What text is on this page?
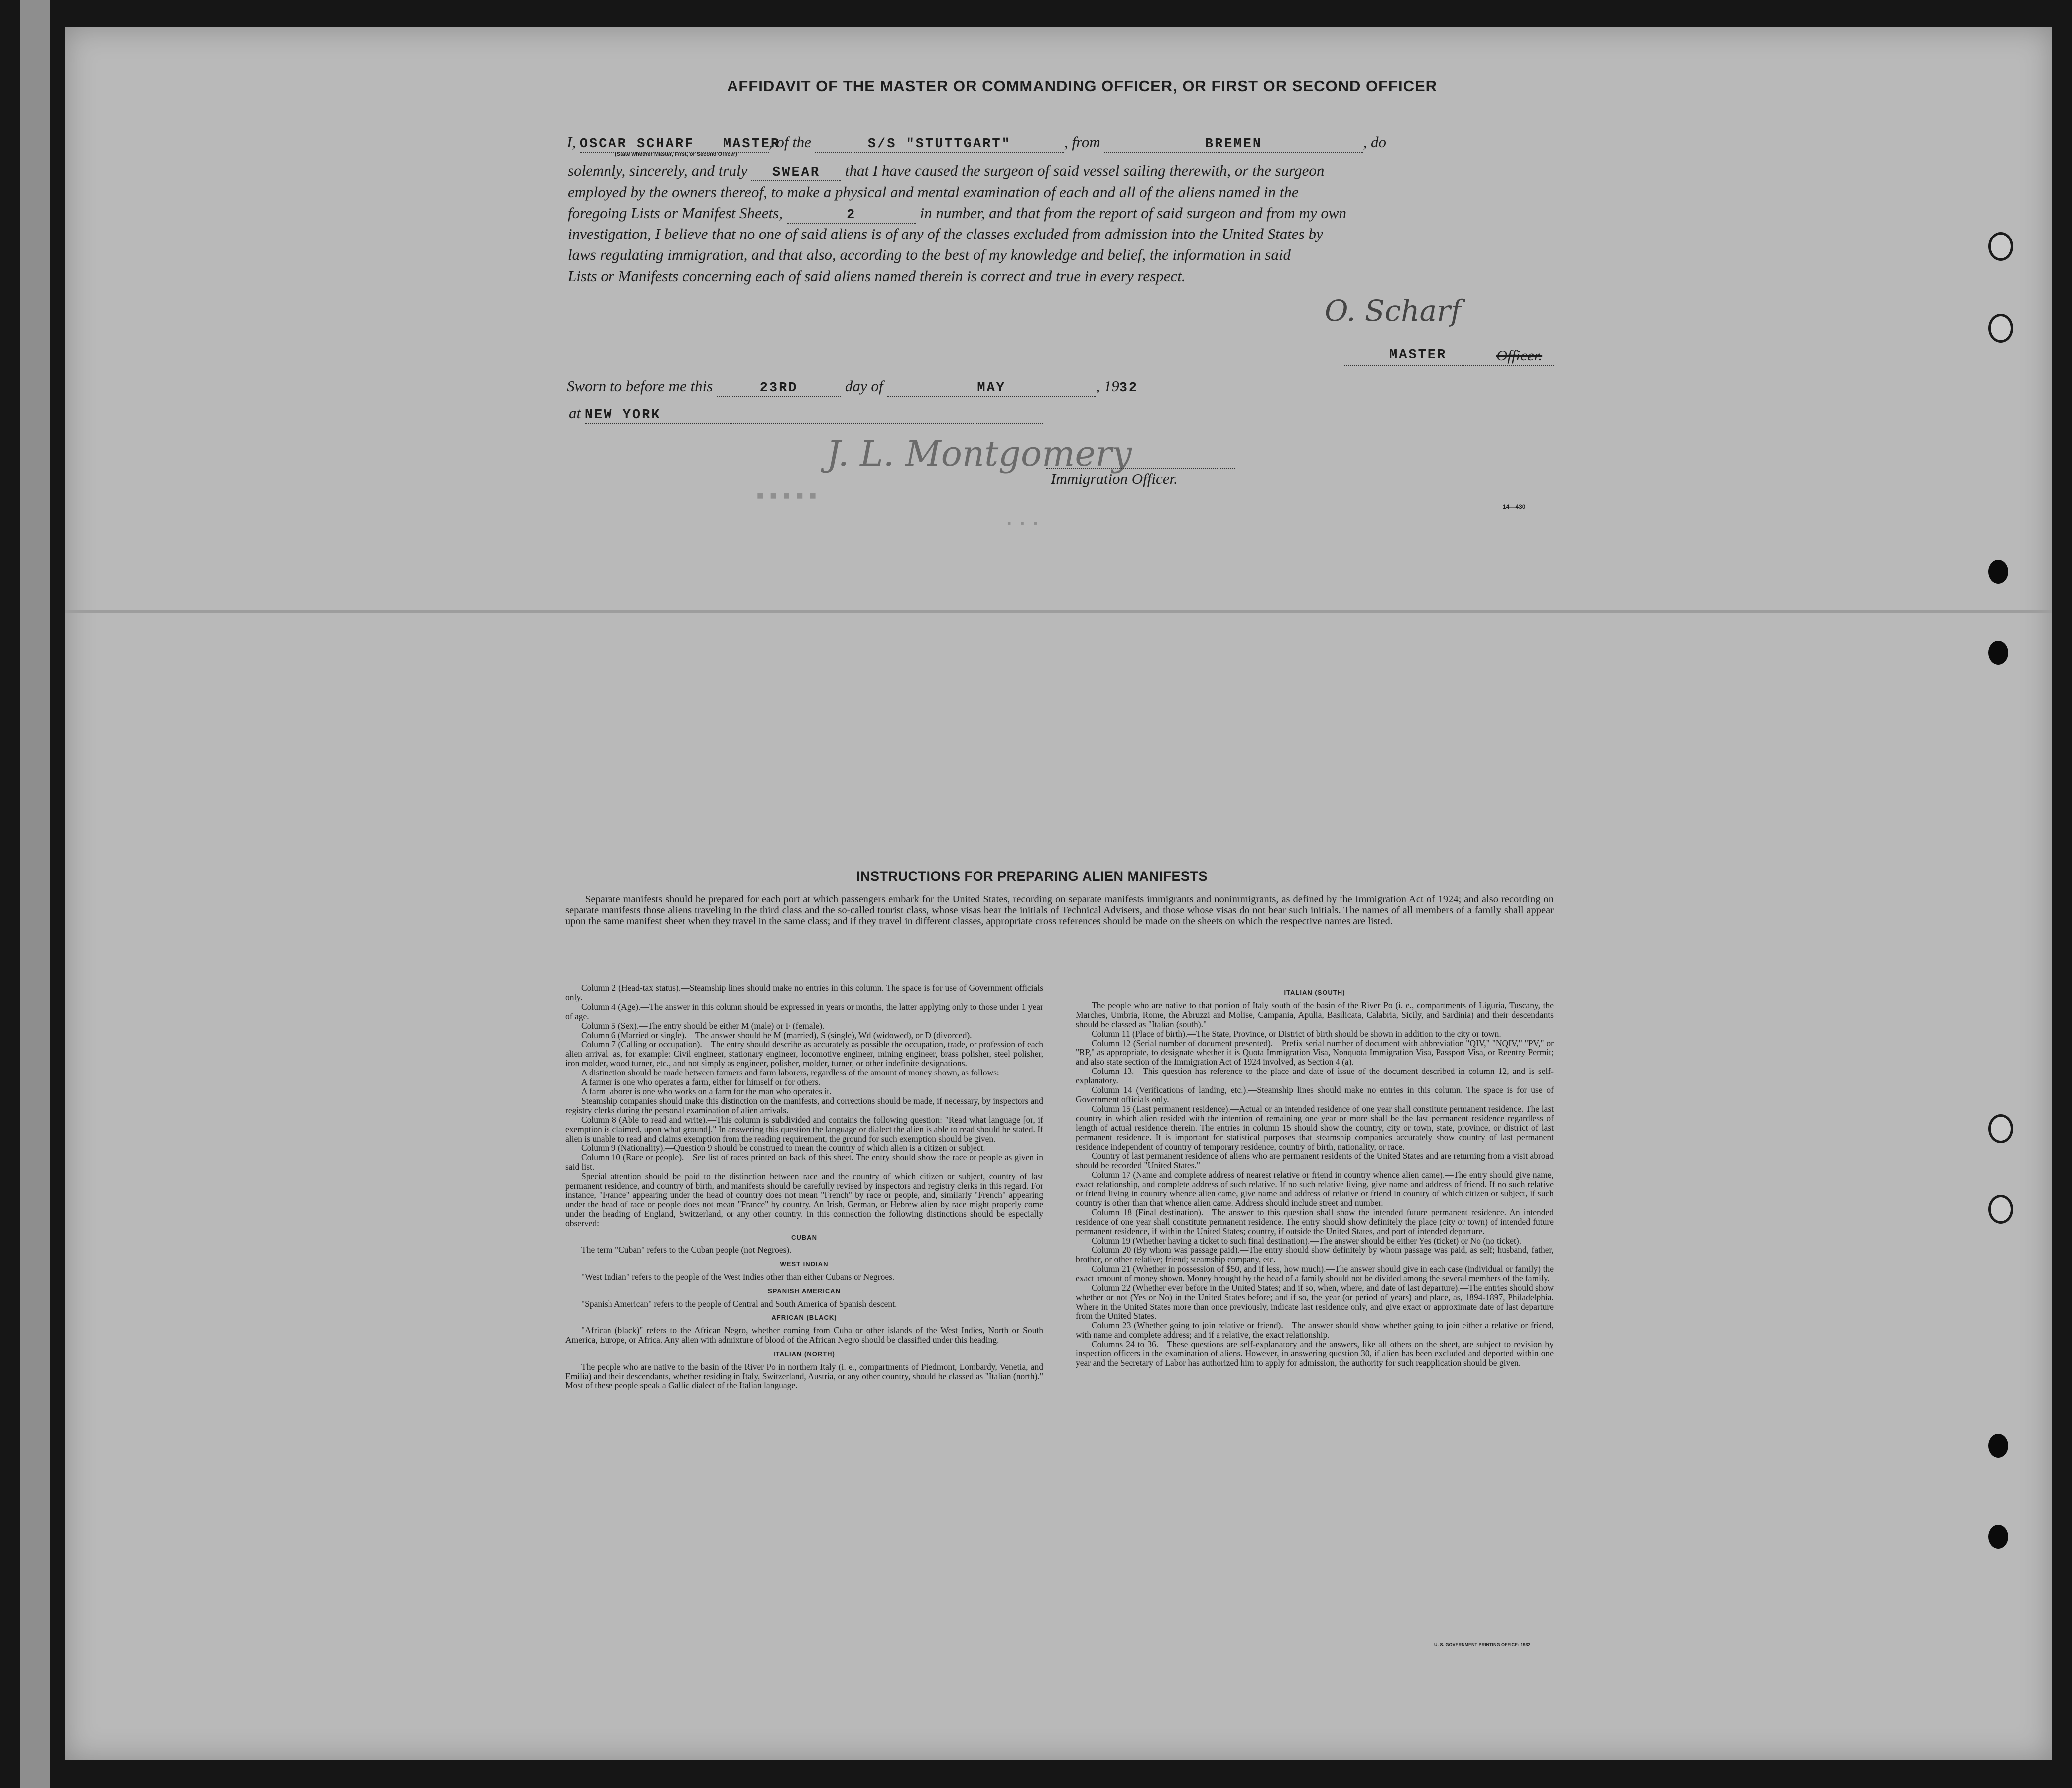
AFFIDAVIT OF THE MASTER OR COMMANDING OFFICER, OR FIRST OR SECOND OFFICER
I, OSCAR SCHARF MASTER, of the	S/S "STUTTGART"	, from	BREMEN	, do
(State whether Master, First, or Second Officer)
solemnly, sincerely, and truly SWEAR that I have caused the surgeon of said vessel sailing therewith, or the surgeon
employed by the owners thereof, to make a physical and mental examination of each and all of the aliens named in the
foregoing Lists or Manifest Sheets,	2	in number, and that from the report of said surgeon and from my own
investigation, I believe that no one of said aliens is of any of the classes excluded from admission into the United States by
laws regulating immigration, and that also, according to the best of my knowledge and belief, the information in said
Lists or Manifests concerning each of said aliens named therein is correct and true in every respect.
O. Scharf
MASTER	Officer.
Sworn to before me this	23RD	day of	MAY	, 1932
at NEW YORK
J. L. Montgomery
■ ■ ■ ■ ■
▪ ▪ ▪
Immigration Officer.
14—430
INSTRUCTIONS FOR PREPARING ALIEN MANIFESTS
Separate manifests should be prepared for each port at which passengers embark for the United States, recording on separate manifests immigrants and nonimmigrants, as defined by the Immigration Act of 1924; and also recording on separate manifests those aliens traveling in the third class and the so-called tourist class, whose visas bear the initials of Technical Advisers, and those whose visas do not bear such initials. The names of all members of a family shall appear upon the same manifest sheet when they travel in the same class; and if they travel in different classes, appropriate cross references should be made on the sheets on which the respective names are listed.

Column 2 (Head-tax status).—Steamship lines should make no entries in this column. The space is for use of Government officials only.

Column 4 (Age).—The answer in this column should be expressed in years or months, the latter applying only to those under 1 year of age.

Column 5 (Sex).—The entry should be either M (male) or F (female).

Column 6 (Married or single).—The answer should be M (married), S (single), Wd (widowed), or D (divorced).

Column 7 (Calling or occupation).—The entry should describe as accurately as possible the occupation, trade, or profession of each alien arrival, as, for example: Civil engineer, stationary engineer, locomotive engineer, mining engineer, brass polisher, steel polisher, iron molder, wood turner, etc., and not simply as engineer, polisher, molder, turner, or other indefinite designations.

A distinction should be made between farmers and farm laborers, regardless of the amount of money shown, as follows:

A farmer is one who operates a farm, either for himself or for others.

A farm laborer is one who works on a farm for the man who operates it.

Steamship companies should make this distinction on the manifests, and corrections should be made, if necessary, by inspectors and registry clerks during the personal examination of alien arrivals.

Column 8 (Able to read and write).—This column is subdivided and contains the following question: "Read what language [or, if exemption is claimed, upon what ground]." In answering this question the language or dialect the alien is able to read should be stated. If alien is unable to read and claims exemption from the reading requirement, the ground for such exemption should be given.

Column 9 (Nationality).—Question 9 should be construed to mean the country of which alien is a citizen or subject.

Column 10 (Race or people).—See list of races printed on back of this sheet. The entry should show the race or people as given in said list.

Special attention should be paid to the distinction between race and the country of which citizen or subject, country of last permanent residence, and country of birth, and manifests should be carefully revised by inspectors and registry clerks in this regard. For instance, "France" appearing under the head of country does not mean "French" by race or people, and, similarly "French" appearing under the head of race or people does not mean "France" by country. An Irish, German, or Hebrew alien by race might properly come under the heading of England, Switzerland, or any other country. In this connection the following distinctions should be especially observed:

CUBAN

The term "Cuban" refers to the Cuban people (not Negroes).

WEST INDIAN

"West Indian" refers to the people of the West Indies other than either Cubans or Negroes.

SPANISH AMERICAN

"Spanish American" refers to the people of Central and South America of Spanish descent.

AFRICAN (BLACK)

"African (black)" refers to the African Negro, whether coming from Cuba or other islands of the West Indies, North or South America, Europe, or Africa. Any alien with admixture of blood of the African Negro should be classified under this heading.

ITALIAN (NORTH)

The people who are native to the basin of the River Po in northern Italy (i. e., compartments of Piedmont, Lombardy, Venetia, and Emilia) and their descendants, whether residing in Italy, Switzerland, Austria, or any other country, should be classed as "Italian (north)." Most of these people speak a Gallic dialect of the Italian language.

ITALIAN (SOUTH)

The people who are native to that portion of Italy south of the basin of the River Po (i. e., compartments of Liguria, Tuscany, the Marches, Umbria, Rome, the Abruzzi and Molise, Campania, Apulia, Basilicata, Calabria, Sicily, and Sardinia) and their descendants should be classed as "Italian (south)."

Column 11 (Place of birth).—The State, Province, or District of birth should be shown in addition to the city or town.

Column 12 (Serial number of document presented).—Prefix serial number of document with abbreviation "QIV," "NQIV," "PV," or "RP," as appropriate, to designate whether it is Quota Immigration Visa, Nonquota Immigration Visa, Passport Visa, or Reentry Permit; and also state section of the Immigration Act of 1924 involved, as Section 4 (a).

Column 13.—This question has reference to the place and date of issue of the document described in column 12, and is self-explanatory.

Column 14 (Verifications of landing, etc.).—Steamship lines should make no entries in this column. The space is for use of Government officials only.

Column 15 (Last permanent residence).—Actual or an intended residence of one year shall constitute permanent residence. The last country in which alien resided with the intention of remaining one year or more shall be the last permanent residence regardless of length of actual residence therein. The entries in column 15 should show the country, city or town, state, province, or district of last permanent residence. It is important for statistical purposes that steamship companies accurately show country of last permanent residence independent of country of temporary residence, country of birth, nationality, or race.

Country of last permanent residence of aliens who are permanent residents of the United States and are returning from a visit abroad should be recorded "United States."

Column 17 (Name and complete address of nearest relative or friend in country whence alien came).—The entry should give name, exact relationship, and complete address of such relative. If no such relative living, give name and address of friend. If no such relative or friend living in country whence alien came, give name and address of relative or friend in country of which citizen or subject, if such country is other than that whence alien came. Address should include street and number.

Column 18 (Final destination).—The answer to this question shall show the intended future permanent residence. An intended residence of one year shall constitute permanent residence. The entry should show definitely the place (city or town) of intended future permanent residence, if within the United States; country, if outside the United States, and port of intended departure.

Column 19 (Whether having a ticket to such final destination).—The answer should be either Yes (ticket) or No (no ticket).

Column 20 (By whom was passage paid).—The entry should show definitely by whom passage was paid, as self; husband, father, brother, or other relative; friend; steamship company, etc.

Column 21 (Whether in possession of $50, and if less, how much).—The answer should give in each case (individual or family) the exact amount of money shown. Money brought by the head of a family should not be divided among the several members of the family.

Column 22 (Whether ever before in the United States; and if so, when, where, and date of last departure).—The entries should show whether or not (Yes or No) in the United States before; and if so, the year (or period of years) and place, as, 1894-1897, Philadelphia. Where in the United States more than once previously, indicate last residence only, and give exact or approximate date of last departure from the United States.

Column 23 (Whether going to join relative or friend).—The answer should show whether going to join either a relative or friend, with name and complete address; and if a relative, the exact relationship.

Columns 24 to 36.—These questions are self-explanatory and the answers, like all others on the sheet, are subject to revision by inspection officers in the examination of aliens. However, in answering question 30, if alien has been excluded and deported within one year and the Secretary of Labor has authorized him to apply for admission, the authority for such reapplication should be given.

U. S. GOVERNMENT PRINTING OFFICE: 1932
